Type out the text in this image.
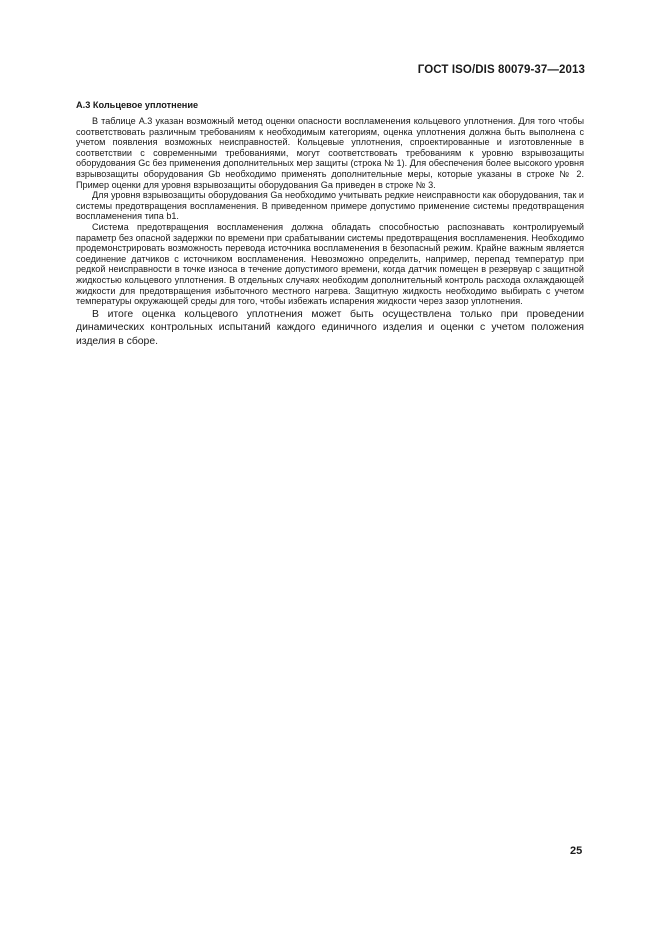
ГОСТ ISO/DIS 80079-37—2013
А.3 Кольцевое уплотнение

В таблице А.3 указан возможный метод оценки опасности воспламенения кольцевого уплотнения. Для того чтобы соответствовать различным требованиям к необходимым категориям, оценка уплотнения должна быть выполнена с учетом появления возможных неисправностей. Кольцевые уплотнения, спроектированные и изготовленные в соответствии с современными требованиями, могут соответствовать требованиям к уровню взрывозащиты оборудования Gc без применения дополнительных мер защиты (строка № 1). Для обеспечения более высокого уровня взрывозащиты оборудования Gb необходимо применять дополнительные меры, которые указаны в строке № 2. Пример оценки для уровня взрывозащиты оборудования Ga приведен в строке № 3.

Для уровня взрывозащиты оборудования Ga необходимо учитывать редкие неисправности как оборудования, так и системы предотвращения воспламенения. В приведенном примере допустимо применение системы предотвращения воспламенения типа b1.

Система предотвращения воспламенения должна обладать способностью распознавать контролируемый параметр без опасной задержки по времени при срабатывании системы предотвращения воспламенения. Необходимо продемонстрировать возможность перевода источника воспламенения в безопасный режим. Крайне важным является соединение датчиков с источником воспламенения. Невозможно определить, например, перепад температур при редкой неисправности в точке износа в течение допустимого времени, когда датчик помещен в резервуар с защитной жидкостью кольцевого уплотнения. В отдельных случаях необходим дополнительный контроль расхода охлаждающей жидкости для предотвращения избыточного местного нагрева. Защитную жидкость необходимо выбирать с учетом температуры окружающей среды для того, чтобы избежать испарения жидкости через зазор уплотнения.

В итоге оценка кольцевого уплотнения может быть осуществлена только при проведении динамических контрольных испытаний каждого единичного изделия и оценки с учетом положения изделия в сборе.

25
